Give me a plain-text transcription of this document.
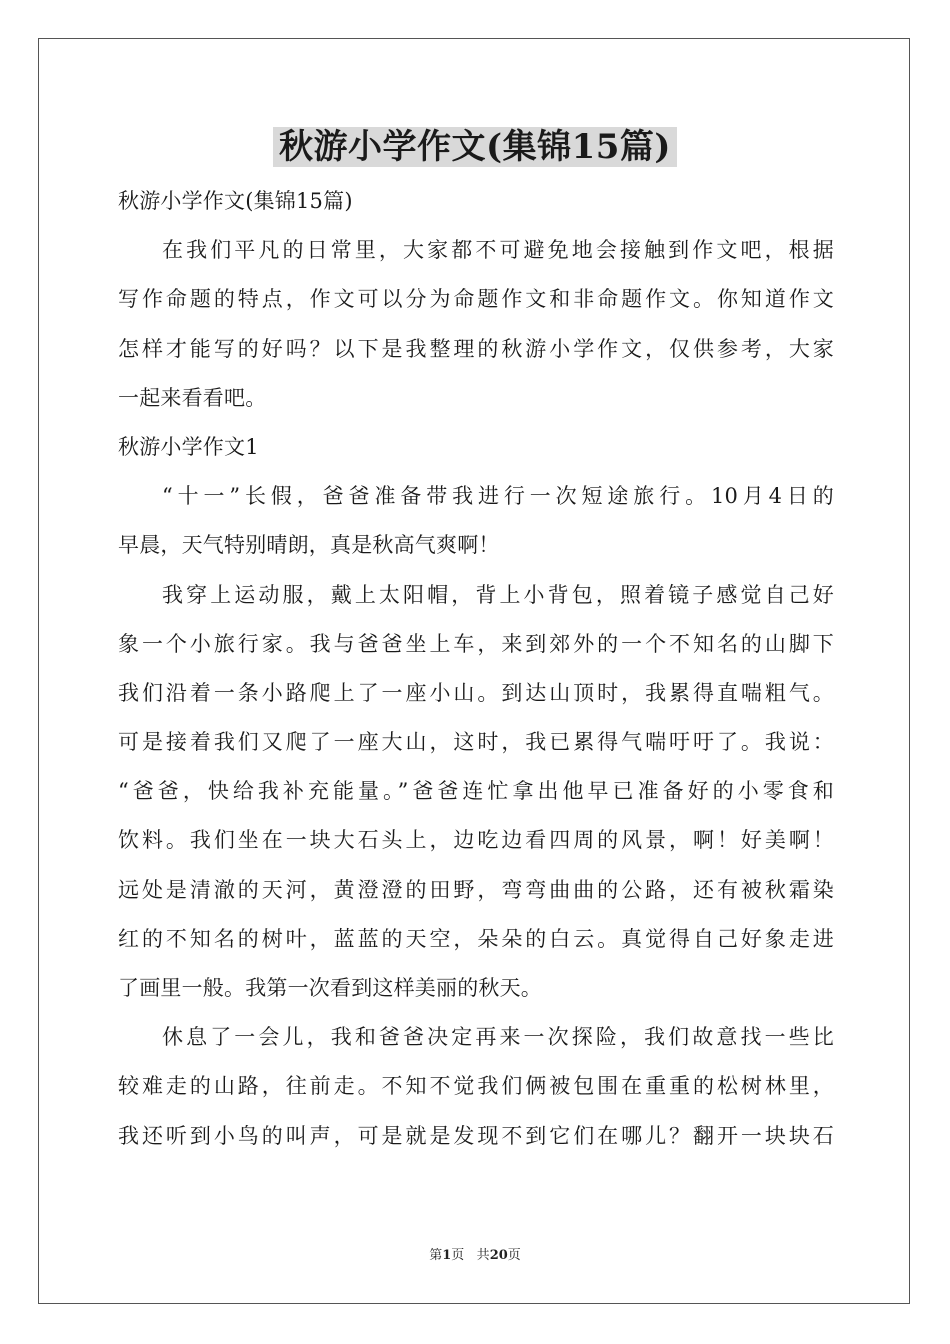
秋游小学作文(集锦15篇)
秋游小学作文(集锦15篇)
在我们平凡的日常里，大家都不可避免地会接触到作文吧，根据
写作命题的特点，作文可以分为命题作文和非命题作文。你知道作文
怎样才能写的好吗？以下是我整理的秋游小学作文，仅供参考，大家
一起来看看吧。
秋游小学作文1
“十一”长假，爸爸准备带我进行一次短途旅行。10月4日的
早晨，天气特别晴朗，真是秋高气爽啊！
我穿上运动服，戴上太阳帽，背上小背包，照着镜子感觉自己好
象一个小旅行家。我与爸爸坐上车，来到郊外的一个不知名的山脚下
我们沿着一条小路爬上了一座小山。到达山顶时，我累得直喘粗气。
可是接着我们又爬了一座大山，这时，我已累得气喘吁吁了。我说：
“爸爸，快给我补充能量。”爸爸连忙拿出他早已准备好的小零食和
饮料。我们坐在一块大石头上，边吃边看四周的风景，啊！好美啊！
远处是清澈的天河，黄澄澄的田野，弯弯曲曲的公路，还有被秋霜染
红的不知名的树叶，蓝蓝的天空，朵朵的白云。真觉得自己好象走进
了画里一般。我第一次看到这样美丽的秋天。
休息了一会儿，我和爸爸决定再来一次探险，我们故意找一些比
较难走的山路，往前走。不知不觉我们俩被包围在重重的松树林里，
我还听到小鸟的叫声，可是就是发现不到它们在哪儿？翻开一块块石
第1页 共20页
